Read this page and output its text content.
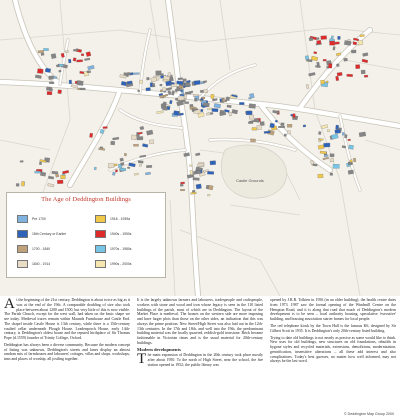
Castle Grounds
The Age of Deddington Buildings
Pre 1700
18th Century or Earlier
1700 - 1840
1840 - 1914
1918 - 1939a
1940s - 1950s
1970s - 1980s
1990s - 2000s

At the beginning of the 21st century, Deddington is about twice as big as it was at the end of the 19th. A comparable doubling of size also took place between about 1200 and 1500, but very little of this is now visible. The Parish Church, except for the west wall, had taken on the basic shape we see today. Medieval traces remain within Maunds Farmhouse and Castle End. The chapel inside Castle House is 13th century, while there is a 15th-century vaulted cellar underneath Plough House. Leadenporch House, early 14th-century, is Deddington's oldest house and the reputed birthplace of Sir Thomas Pope (d.1559) founder of Trinity College, Oxford.

Deddington has always been a diverse community. Because the modern concept of listing was unknown, Deddington's streets and lanes display an almost random mix of farmhouses and labourers' cottages, villas and shops, workshops, inns and places of worship, all jostling together.

It is the largely unknown farmers and labourers, tradespeople and craftspeople, workers with stone and wood and iron whose legacy is seen in the 110 listed buildings of the parish, most of which are in Deddington. The layout of the Market Place is medieval. The houses on the western side are more imposing and have larger plots than those on the other sides, an indication that this was always the prime position. New Street/High Street was also laid out in the 12th-13th centuries. In the 17th and 18th, and well into the 19th, the predominant building material was the locally quarried, reddish-gold ironstone. Brick became fashionable in Victorian times and is the usual material for 20th-century buildings.

Modern developments

The main expansion of Deddington in the 20th century took place mostly after about 1950. To the north of High Street, near the school, the fire station opened in 1952; the public library was

opened by J.R.R. Tolkien in 1956 (in an older building); the health centre dates from 1973. 1987 saw the formal opening of the Windmill Centre on the Hempton Road, and it is along that road that much of Deddington's modern development is to be seen – local authority housing, speculative 'executive' building, and housing association starter homes for local people.

The red telephone kiosk by the Town Hall is the famous K6, designed by Sir Gilbert Scott in 1935. It is Deddington's only 20th-century listed building.

Trying to date old buildings is not nearly as precise as some would like to think. New uses for old buildings, new structures on old foundations, rebuilds in bygone styles and recycled materials, extensions, demolitions, modernisation, gentrification, insensitive alterations – all these add interest and also complications. Today's best guesses, no matter how well informed, may not always be the last word.

© Deddington Map Group 2000
